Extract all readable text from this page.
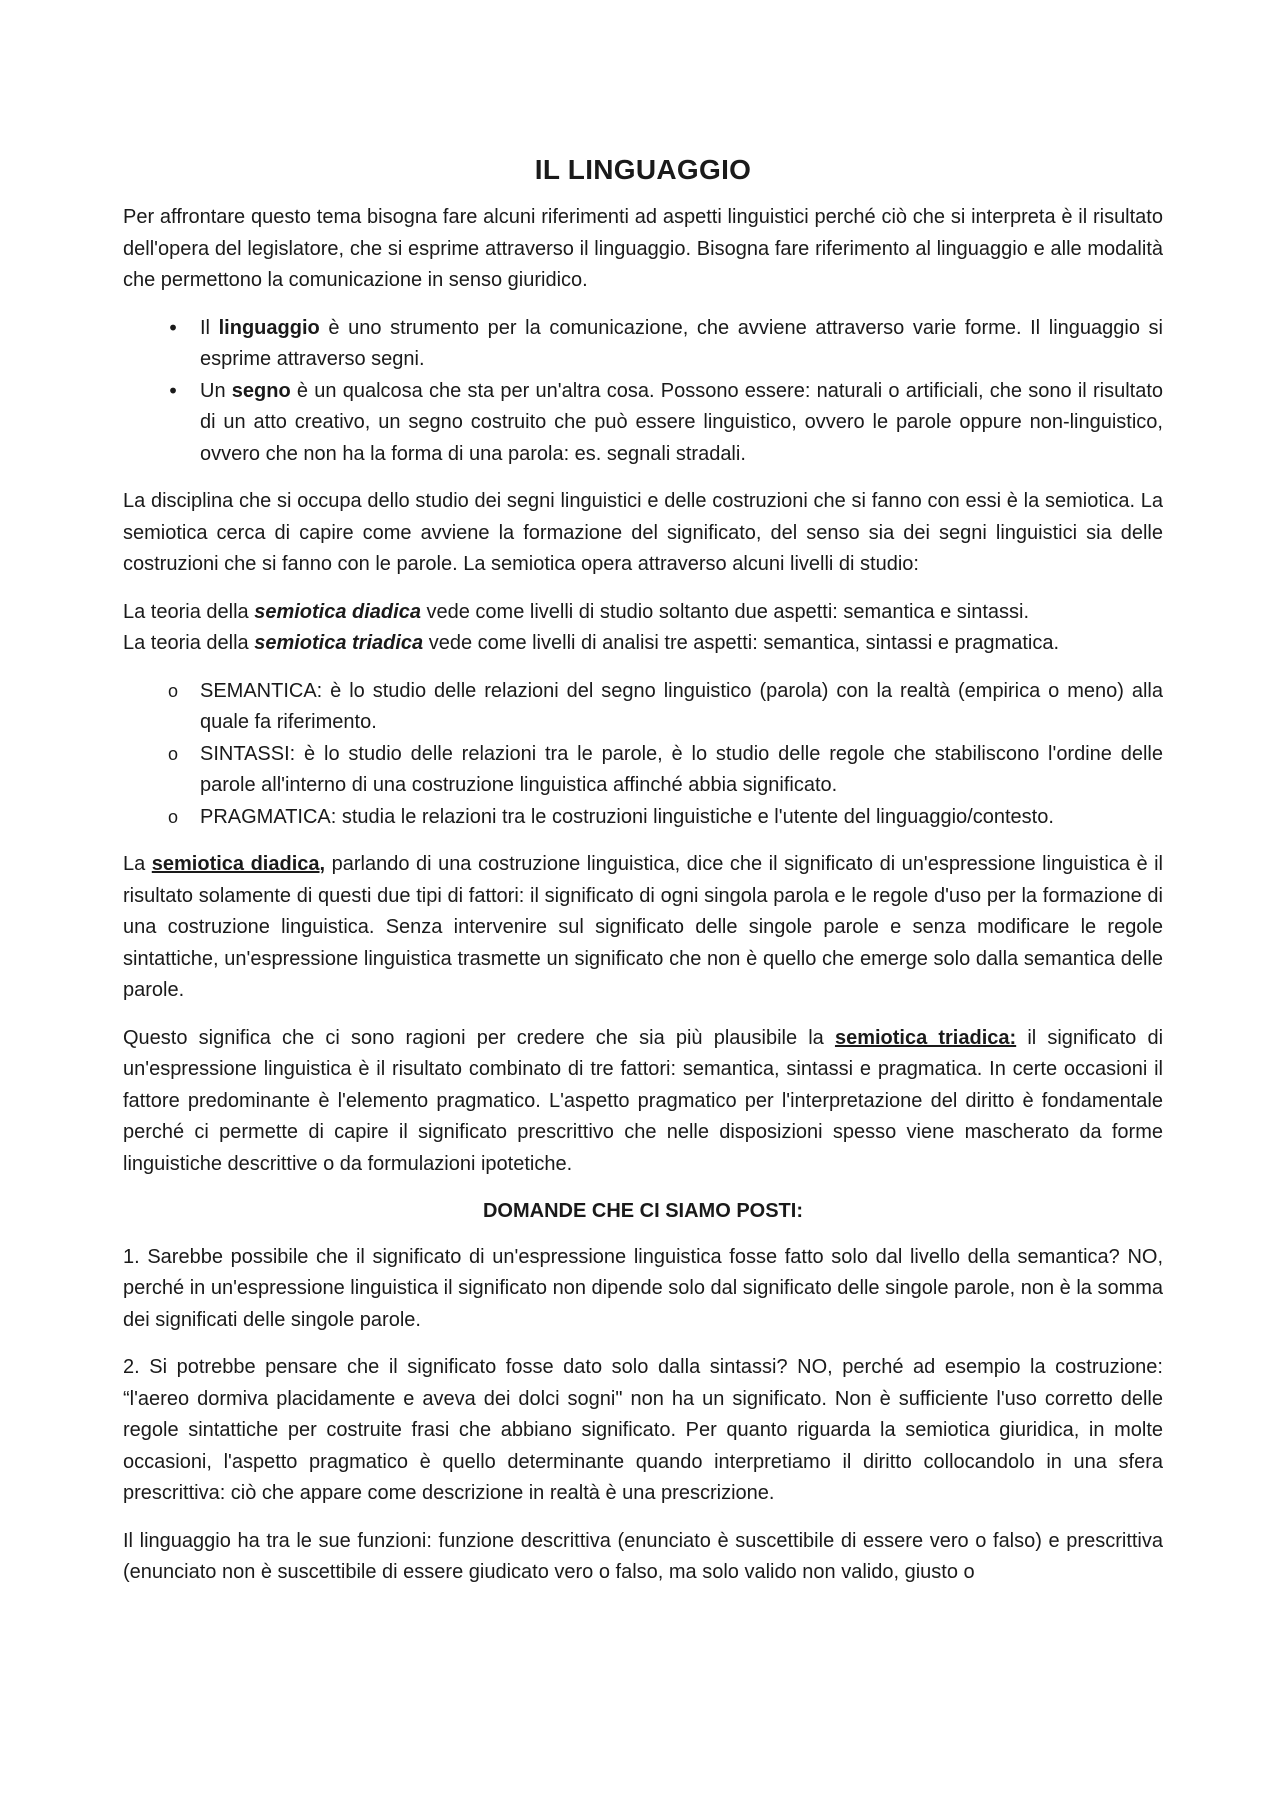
IL LINGUAGGIO

Per affrontare questo tema bisogna fare alcuni riferimenti ad aspetti linguistici perché ciò che si interpreta è il risultato dell'opera del legislatore, che si esprime attraverso il linguaggio. Bisogna fare riferimento al linguaggio e alle modalità che permettono la comunicazione in senso giuridico.

• Il linguaggio è uno strumento per la comunicazione, che avviene attraverso varie forme. Il linguaggio si esprime attraverso segni.
• Un segno è un qualcosa che sta per un'altra cosa. Possono essere: naturali o artificiali, che sono il risultato di un atto creativo, un segno costruito che può essere linguistico, ovvero le parole oppure non-linguistico, ovvero che non ha la forma di una parola: es. segnali stradali.

La disciplina che si occupa dello studio dei segni linguistici e delle costruzioni che si fanno con essi è la semiotica. La semiotica cerca di capire come avviene la formazione del significato, del senso sia dei segni linguistici sia delle costruzioni che si fanno con le parole. La semiotica opera attraverso alcuni livelli di studio:

La teoria della semiotica diadica vede come livelli di studio soltanto due aspetti: semantica e sintassi.
La teoria della semiotica triadica vede come livelli di analisi tre aspetti: semantica, sintassi e pragmatica.

o SEMANTICA: è lo studio delle relazioni del segno linguistico (parola) con la realtà (empirica o meno) alla quale fa riferimento.
o SINTASSI: è lo studio delle relazioni tra le parole, è lo studio delle regole che stabiliscono l'ordine delle parole all'interno di una costruzione linguistica affinché abbia significato.
o PRAGMATICA: studia le relazioni tra le costruzioni linguistiche e l'utente del linguaggio/contesto.

La semiotica diadica, parlando di una costruzione linguistica, dice che il significato di un'espressione linguistica è il risultato solamente di questi due tipi di fattori: il significato di ogni singola parola e le regole d'uso per la formazione di una costruzione linguistica. Senza intervenire sul significato delle singole parole e senza modificare le regole sintattiche, un'espressione linguistica trasmette un significato che non è quello che emerge solo dalla semantica delle parole.

Questo significa che ci sono ragioni per credere che sia più plausibile la semiotica triadica: il significato di un'espressione linguistica è il risultato combinato di tre fattori: semantica, sintassi e pragmatica. In certe occasioni il fattore predominante è l'elemento pragmatico. L'aspetto pragmatico per l'interpretazione del diritto è fondamentale perché ci permette di capire il significato prescrittivo che nelle disposizioni spesso viene mascherato da forme linguistiche descrittive o da formulazioni ipotetiche.

DOMANDE CHE CI SIAMO POSTI:

1. Sarebbe possibile che il significato di un'espressione linguistica fosse fatto solo dal livello della semantica? NO, perché in un'espressione linguistica il significato non dipende solo dal significato delle singole parole, non è la somma dei significati delle singole parole.

2. Si potrebbe pensare che il significato fosse dato solo dalla sintassi? NO, perché ad esempio la costruzione: “l'aereo dormiva placidamente e aveva dei dolci sogni" non ha un significato. Non è sufficiente l'uso corretto delle regole sintattiche per costruite frasi che abbiano significato. Per quanto riguarda la semiotica giuridica, in molte occasioni, l'aspetto pragmatico è quello determinante quando interpretiamo il diritto collocandolo in una sfera prescrittiva: ciò che appare come descrizione in realtà è una prescrizione.

Il linguaggio ha tra le sue funzioni: funzione descrittiva (enunciato è suscettibile di essere vero o falso) e prescrittiva (enunciato non è suscettibile di essere giudicato vero o falso, ma solo valido non valido, giusto o
